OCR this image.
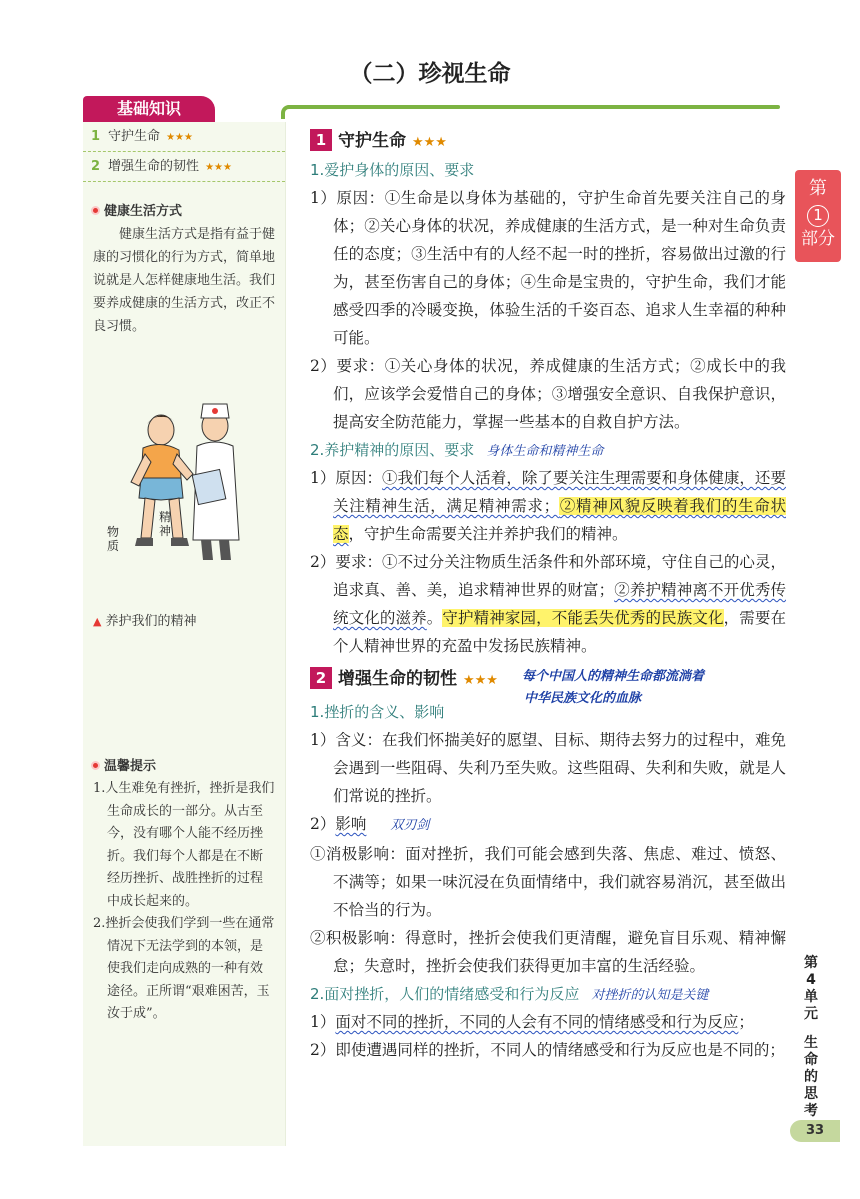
（二）珍视生命
基础知识
1 守护生命 ★★★
2 增强生命的韧性 ★★★
健康生活方式
健康生活方式是指有益于健康的习惯化的行为方式，简单地说就是人怎样健康地生活。我们要养成健康的生活方式，改正不良习惯。
物质
精神
▲ 养护我们的精神
温馨提示
1.人生难免有挫折，挫折是我们生命成长的一部分。从古至今，没有哪个人能不经历挫折。我们每个人都是在不断经历挫折、战胜挫折的过程中成长起来的。
2.挫折会使我们学到一些在通常情况下无法学到的本领，是使我们走向成熟的一种有效途径。正所谓“艰难困苦，玉汝于成”。
第
1
部分
第4单元
生命的思考
33
1 守护生命 ★★★
1.爱护身体的原因、要求
1）原因：①生命是以身体为基础的，守护生命首先要关注自己的身体；②关心身体的状况，养成健康的生活方式，是一种对生命负责任的态度；③生活中有的人经不起一时的挫折，容易做出过激的行为，甚至伤害自己的身体；④生命是宝贵的，守护生命，我们才能感受四季的冷暖变换，体验生活的千姿百态、追求人生幸福的种种可能。
2）要求：①关心身体的状况，养成健康的生活方式；②成长中的我们，应该学会爱惜自己的身体；③增强安全意识、自我保护意识，提高安全防范能力，掌握一些基本的自救自护方法。
2.养护精神的原因、要求 身体生命和精神生命
1）原因：①我们每个人活着，除了要关注生理需要和身体健康，还要关注精神生活，满足精神需求；②精神风貌反映着我们的生命状态，守护生命需要关注并养护我们的精神。
2）要求：①不过分关注物质生活条件和外部环境，守住自己的心灵，追求真、善、美，追求精神世界的财富；②养护精神离不开优秀传统文化的滋养。守护精神家园，不能丢失优秀的民族文化，需要在个人精神世界的充盈中发扬民族精神。
2 增强生命的韧性 ★★★ 每个中国人的精神生命都流淌着
中华民族文化的血脉
1.挫折的含义、影响
1）含义：在我们怀揣美好的愿望、目标、期待去努力的过程中，难免会遇到一些阻碍、失利乃至失败。这些阻碍、失利和失败，就是人们常说的挫折。
2）影响 双刃剑
①消极影响：面对挫折，我们可能会感到失落、焦虑、难过、愤怒、不满等；如果一味沉浸在负面情绪中，我们就容易消沉，甚至做出不恰当的行为。
②积极影响：得意时，挫折会使我们更清醒，避免盲目乐观、精神懈怠；失意时，挫折会使我们获得更加丰富的生活经验。
2.面对挫折，人们的情绪感受和行为反应 对挫折的认知是关键
1）面对不同的挫折，不同的人会有不同的情绪感受和行为反应；
2）即使遭遇同样的挫折，不同人的情绪感受和行为反应也是不同的；
